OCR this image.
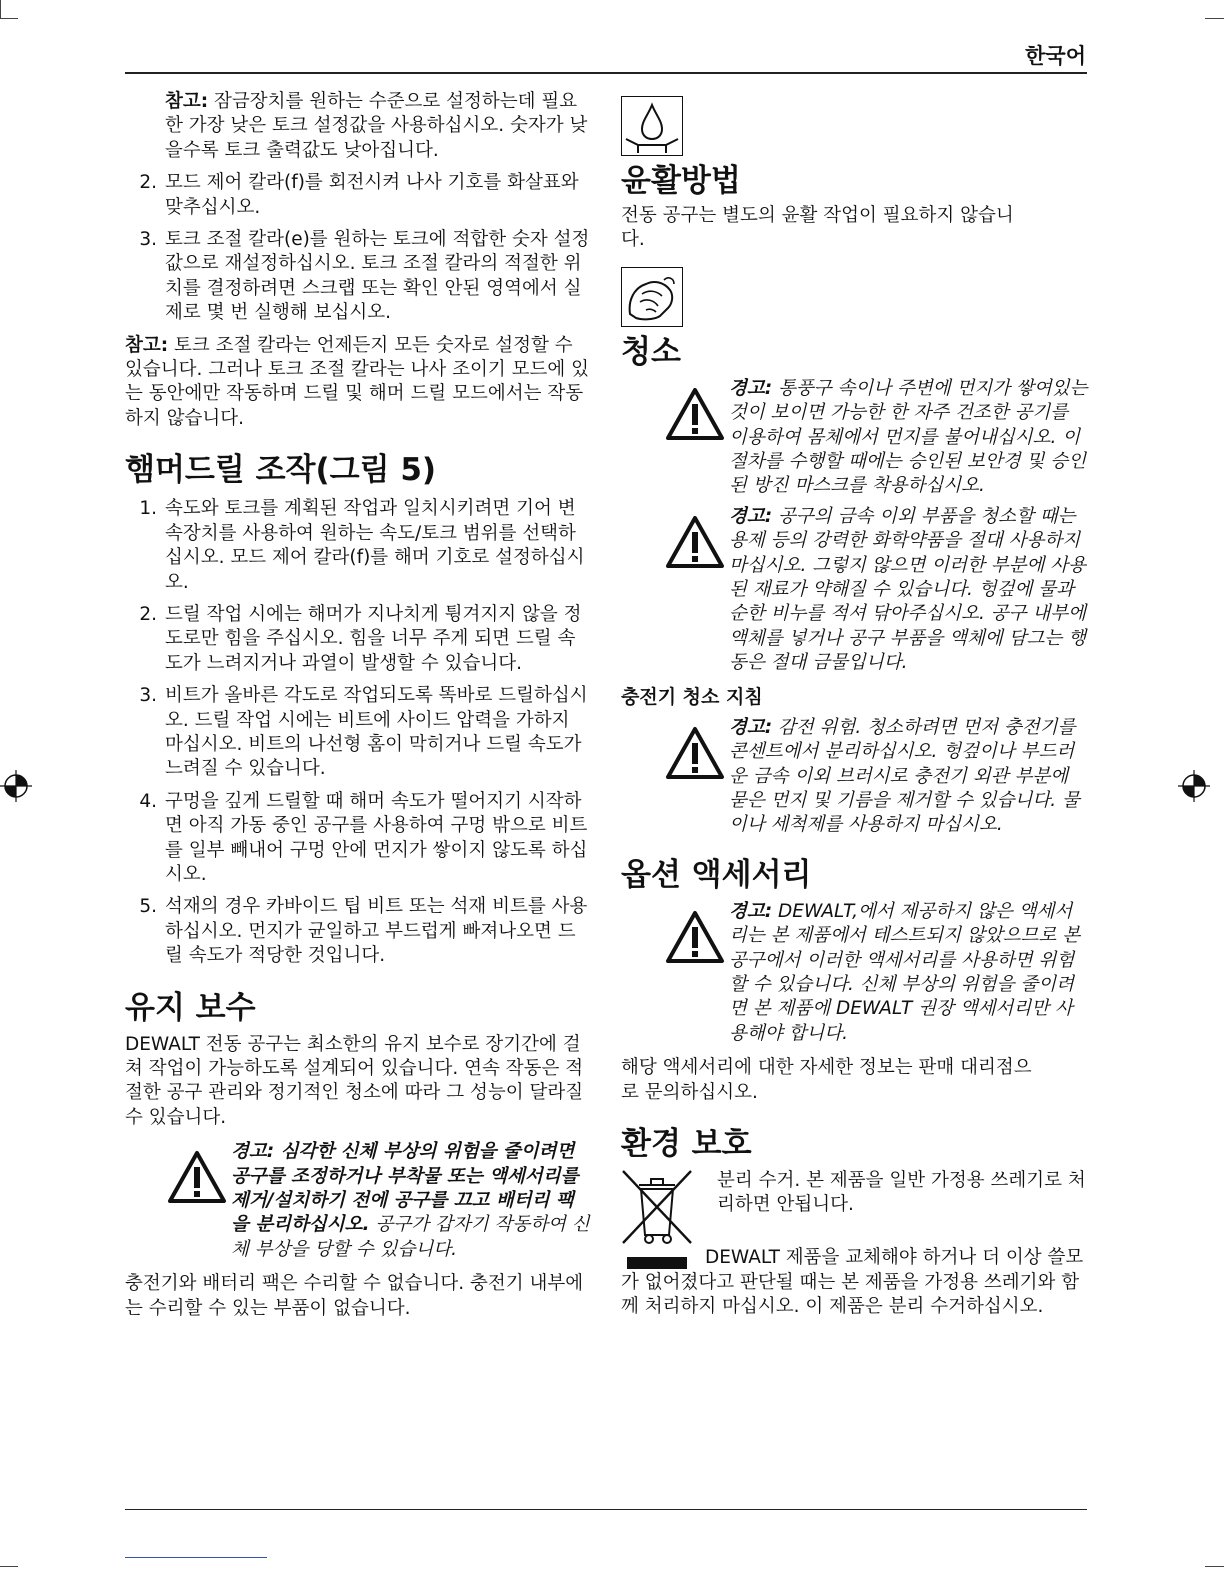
한국어

참고: 잠금장치를 원하는 수준으로 설정하는데 필요한 가장 낮은 토크 설정값을 사용하십시오. 숫자가 낮을수록 토크 출력값도 낮아집니다.

2. 모드 제어 칼라(f)를 회전시켜 나사 기호를 화살표와 맞추십시오.
3. 토크 조절 칼라(e)를 원하는 토크에 적합한 숫자 설정값으로 재설정하십시오. 토크 조절 칼라의 적절한 위치를 결정하려면 스크랩 또는 확인 안된 영역에서 실제로 몇 번 실행해 보십시오.

참고: 토크 조절 칼라는 언제든지 모든 숫자로 설정할 수 있습니다. 그러나 토크 조절 칼라는 나사 조이기 모드에 있는 동안에만 작동하며 드릴 및 해머 드릴 모드에서는 작동하지 않습니다.

햄머드릴 조작(그림 5)
1. 속도와 토크를 계획된 작업과 일치시키려면 기어 변속장치를 사용하여 원하는 속도/토크 범위를 선택하십시오. 모드 제어 칼라(f)를 해머 기호로 설정하십시오.
2. 드릴 작업 시에는 해머가 지나치게 튕겨지지 않을 정도로만 힘을 주십시오. 힘을 너무 주게 되면 드릴 속도가 느려지거나 과열이 발생할 수 있습니다.
3. 비트가 올바른 각도로 작업되도록 똑바로 드릴하십시오. 드릴 작업 시에는 비트에 사이드 압력을 가하지 마십시오. 비트의 나선형 홈이 막히거나 드릴 속도가 느려질 수 있습니다.
4. 구멍을 깊게 드릴할 때 해머 속도가 떨어지기 시작하면 아직 가동 중인 공구를 사용하여 구멍 밖으로 비트를 일부 빼내어 구멍 안에 먼지가 쌓이지 않도록 하십시오.
5. 석재의 경우 카바이드 팁 비트 또는 석재 비트를 사용하십시오. 먼지가 균일하고 부드럽게 빠져나오면 드릴 속도가 적당한 것입니다.
유지 보수

DEWALT 전동 공구는 최소한의 유지 보수로 장기간에 걸쳐 작업이 가능하도록 설계되어 있습니다. 연속 작동은 적절한 공구 관리와 정기적인 청소에 따라 그 성능이 달라질 수 있습니다.

경고: 심각한 신체 부상의 위험을 줄이려면 공구를 조정하거나 부착물 또는 액세서리를 제거/설치하기 전에 공구를 끄고 배터리 팩을 분리하십시오. 공구가 갑자기 작동하여 신체 부상을 당할 수 있습니다.

충전기와 배터리 팩은 수리할 수 없습니다. 충전기 내부에는 수리할 수 있는 부품이 없습니다.

윤활방법

전동 공구는 별도의 윤활 작업이 필요하지 않습니다.

청소

경고: 통풍구 속이나 주변에 먼지가 쌓여있는 것이 보이면 가능한 한 자주 건조한 공기를 이용하여 몸체에서 먼지를 불어내십시오. 이 절차를 수행할 때에는 승인된 보안경 및 승인된 방진 마스크를 착용하십시오.

경고: 공구의 금속 이외 부품을 청소할 때는 용제 등의 강력한 화학약품을 절대 사용하지 마십시오. 그렇지 않으면 이러한 부분에 사용된 재료가 약해질 수 있습니다. 헝겊에 물과 순한 비누를 적셔 닦아주십시오. 공구 내부에 액체를 넣거나 공구 부품을 액체에 담그는 행동은 절대 금물입니다.

충전기 청소 지침

경고: 감전 위험. 청소하려면 먼저 충전기를 콘센트에서 분리하십시오. 헝겊이나 부드러운 금속 이외 브러시로 충전기 외관 부분에 묻은 먼지 및 기름을 제거할 수 있습니다. 물이나 세척제를 사용하지 마십시오.

옵션 액세서리

경고: DEWALT,에서 제공하지 않은 액세서리는 본 제품에서 테스트되지 않았으므로 본 공구에서 이러한 액세서리를 사용하면 위험할 수 있습니다. 신체 부상의 위험을 줄이려면 본 제품에 DEWALT 권장 액세서리만 사용해야 합니다.

해당 액세서리에 대한 자세한 정보는 판매 대리점으로 문의하십시오.

환경 보호

분리 수거. 본 제품을 일반 가정용 쓰레기로 처리하면 안됩니다.

DEWALT 제품을 교체해야 하거나 더 이상 쓸모가 없어졌다고 판단될 때는 본 제품을 가정용 쓰레기와 함께 처리하지 마십시오. 이 제품은 분리 수거하십시오.
